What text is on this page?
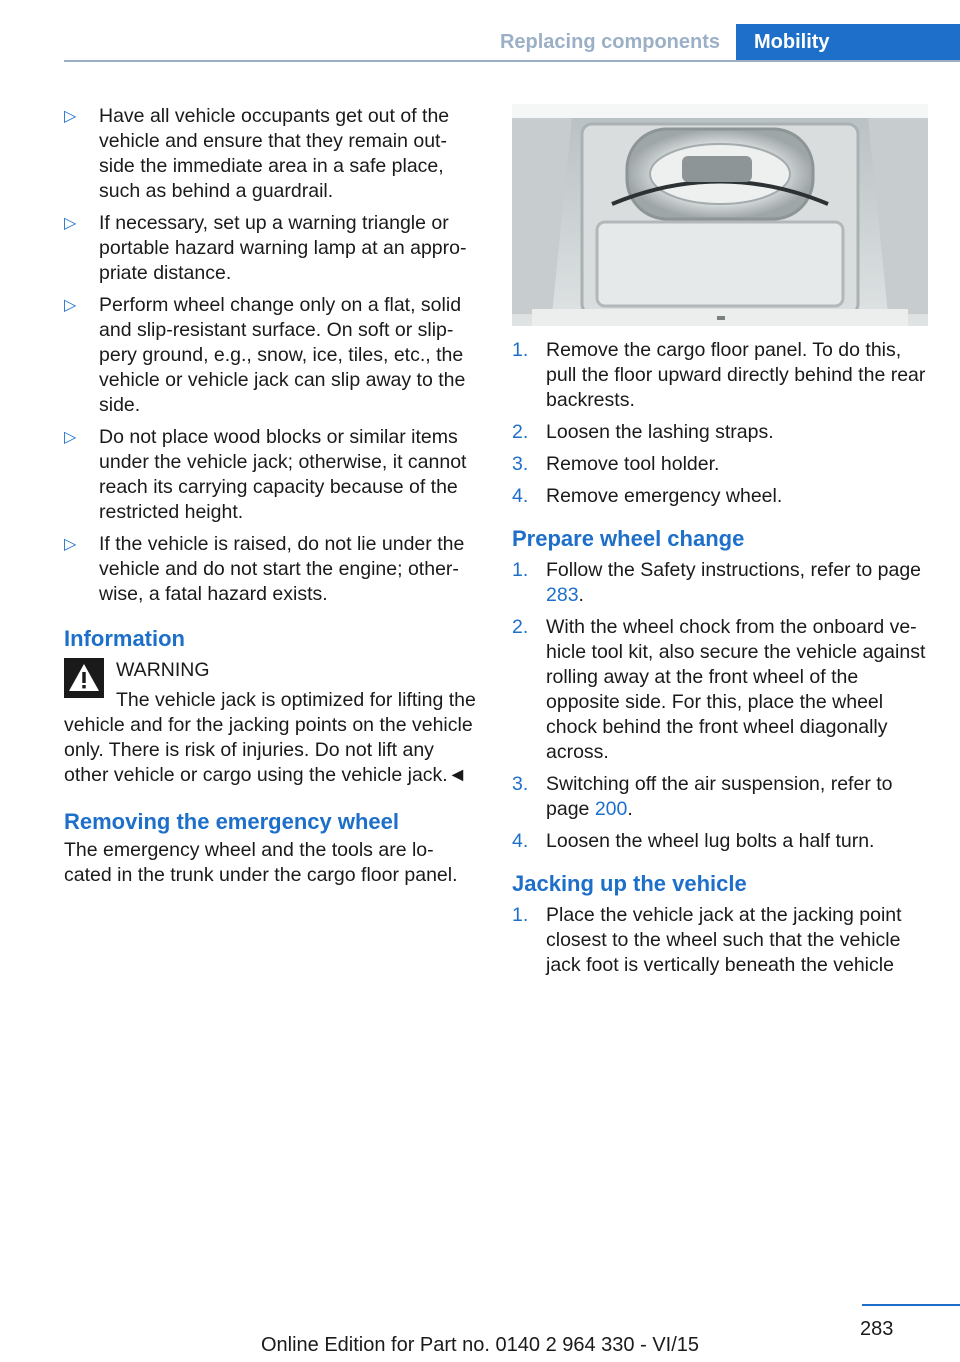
Replacing components	Mobility
▷ Have all vehicle occupants get out of the vehicle and ensure that they remain out-side the immediate area in a safe place, such as behind a guardrail.
▷ If necessary, set up a warning triangle or portable hazard warning lamp at an appro-priate distance.
▷ Perform wheel change only on a flat, solid and slip-resistant surface. On soft or slip-pery ground, e.g., snow, ice, tiles, etc., the vehicle or vehicle jack can slip away to the side.
▷ Do not place wood blocks or similar items under the vehicle jack; otherwise, it cannot reach its carrying capacity because of the restricted height.
▷ If the vehicle is raised, do not lie under the vehicle and do not start the engine; other-wise, a fatal hazard exists.
Information

WARNING

The vehicle jack is optimized for lifting the vehicle and for the jacking points on the vehicle only. There is risk of injuries. Do not lift any other vehicle or cargo using the vehicle jack.◄

Removing the emergency wheel

The emergency wheel and the tools are lo-cated in the trunk under the cargo floor panel.

1. Remove the cargo floor panel. To do this, pull the floor upward directly behind the rear backrests.
2. Loosen the lashing straps.
3. Remove tool holder.
4. Remove emergency wheel.
Prepare wheel change
1. Follow the Safety instructions, refer to page 283.
2. With the wheel chock from the onboard ve-hicle tool kit, also secure the vehicle against rolling away at the front wheel of the opposite side. For this, place the wheel chock behind the front wheel diagonally across.
3. Switching off the air suspension, refer to page 200.
4. Loosen the wheel lug bolts a half turn.
Jacking up the vehicle
1. Place the vehicle jack at the jacking point closest to the wheel such that the vehicle jack foot is vertically beneath the vehicle
283
Online Edition for Part no. 0140 2 964 330 - VI/15
